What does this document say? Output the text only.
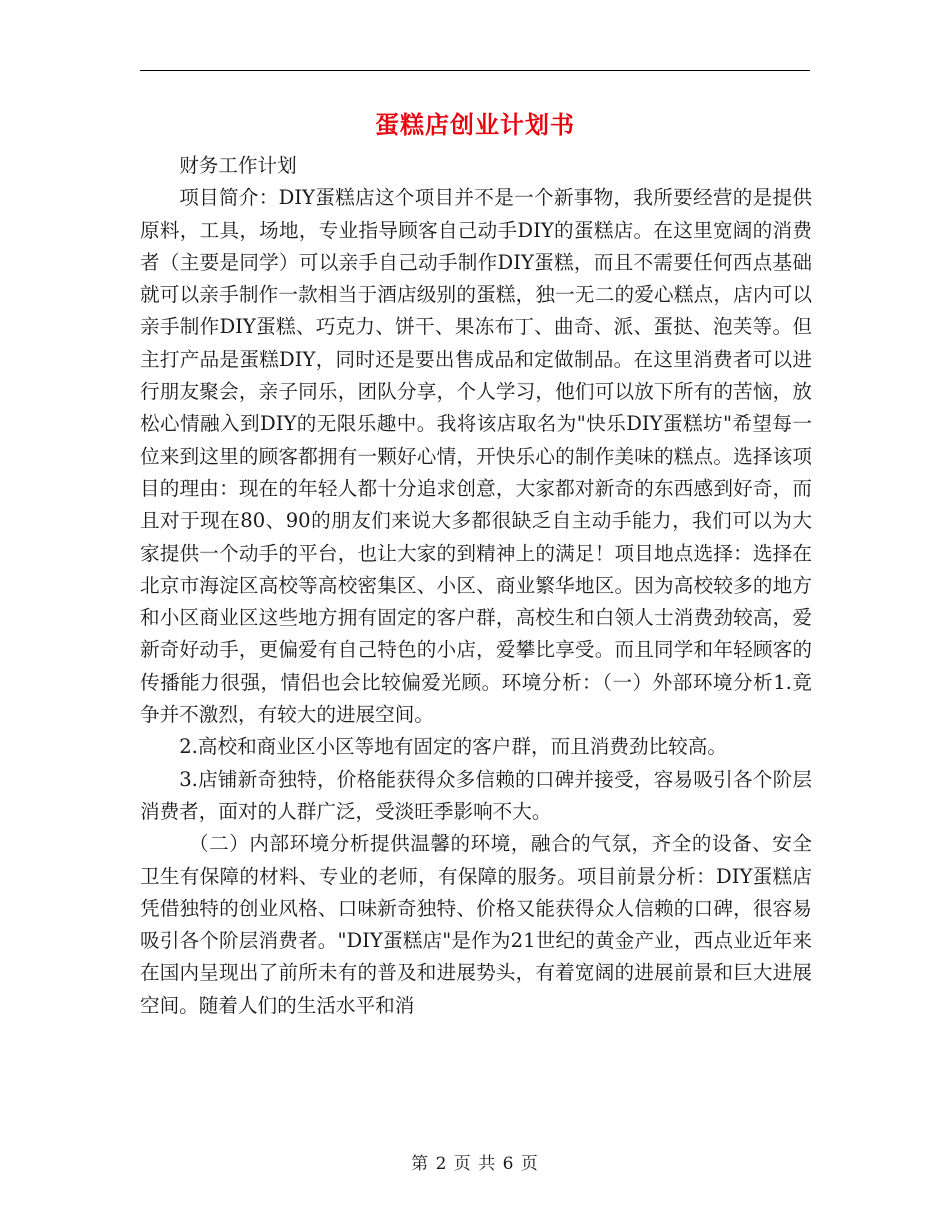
蛋糕店创业计划书

财务工作计划

项目简介：DIY蛋糕店这个项目并不是一个新事物，我所要经营的是提供原料，工具，场地，专业指导顾客自己动手DIY的蛋糕店。在这里宽阔的消费者（主要是同学）可以亲手自己动手制作DIY蛋糕，而且不需要任何西点基础就可以亲手制作一款相当于酒店级别的蛋糕，独一无二的爱心糕点，店内可以亲手制作DIY蛋糕、巧克力、饼干、果冻布丁、曲奇、派、蛋挞、泡芙等。但主打产品是蛋糕DIY，同时还是要出售成品和定做制品。在这里消费者可以进行朋友聚会，亲子同乐，团队分享，个人学习，他们可以放下所有的苦恼，放松心情融入到DIY的无限乐趣中。我将该店取名为"快乐DIY蛋糕坊"希望每一位来到这里的顾客都拥有一颗好心情，开快乐心的制作美味的糕点。选择该项目的理由：现在的年轻人都十分追求创意，大家都对新奇的东西感到好奇，而且对于现在80、90的朋友们来说大多都很缺乏自主动手能力，我们可以为大家提供一个动手的平台，也让大家的到精神上的满足！项目地点选择：选择在北京市海淀区高校等高校密集区、小区、商业繁华地区。因为高校较多的地方和小区商业区这些地方拥有固定的客户群，高校生和白领人士消费劲较高，爱新奇好动手，更偏爱有自己特色的小店，爱攀比享受。而且同学和年轻顾客的传播能力很强，情侣也会比较偏爱光顾。环境分析：（一）外部环境分析1.竟争并不激烈，有较大的进展空间。

2.高校和商业区小区等地有固定的客户群，而且消费劲比较高。

3.店铺新奇独特，价格能获得众多信赖的口碑并接受，容易吸引各个阶层消费者，面对的人群广泛，受淡旺季影响不大。

（二）内部环境分析提供温馨的环境，融合的气氛，齐全的设备、安全卫生有保障的材料、专业的老师，有保障的服务。项目前景分析：DIY蛋糕店凭借独特的创业风格、口味新奇独特、价格又能获得众人信赖的口碑，很容易吸引各个阶层消费者。"DIY蛋糕店"是作为21世纪的黄金产业，西点业近年来在国内呈现出了前所未有的普及和进展势头，有着宽阔的进展前景和巨大进展空间。随着人们的生活水平和消

第 2 页 共 6 页
